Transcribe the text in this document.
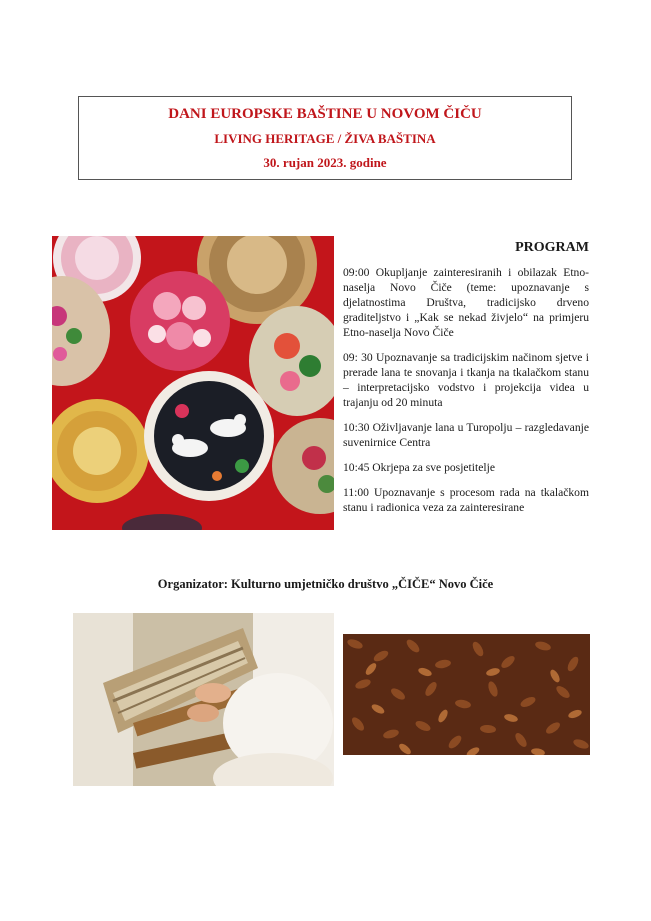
DANI EUROPSKE BAŠTINE U NOVOM ČIČU
LIVING HERITAGE / ŽIVA BAŠTINA
30. rujan 2023. godine
PROGRAM
09:00 Okupljanje zainteresiranih i obilazak Etno-naselja Novo Čiče (teme: upoznavanje s djelatnostima Društva, tradicijsko drveno graditeljstvo i „Kak se nekad živjelo“ na primjeru Etno-naselja Novo Čiče
09: 30 Upoznavanje sa tradicijskim načinom sjetve i prerade lana te snovanja i tkanja na tkalačkom stanu – interpretacijsko vodstvo i projekcija videa u trajanju od 20 minuta
10:30 Oživljavanje lana u Turopolju – razgledavanje suvenirnice Centra
10:45 Okrjepa za sve posjetitelje
11:00 Upoznavanje s procesom rada na tkalačkom stanu i radionica veza za zainteresirane
Organizator: Kulturno umjetničko društvo „ČIČE“ Novo Čiče
